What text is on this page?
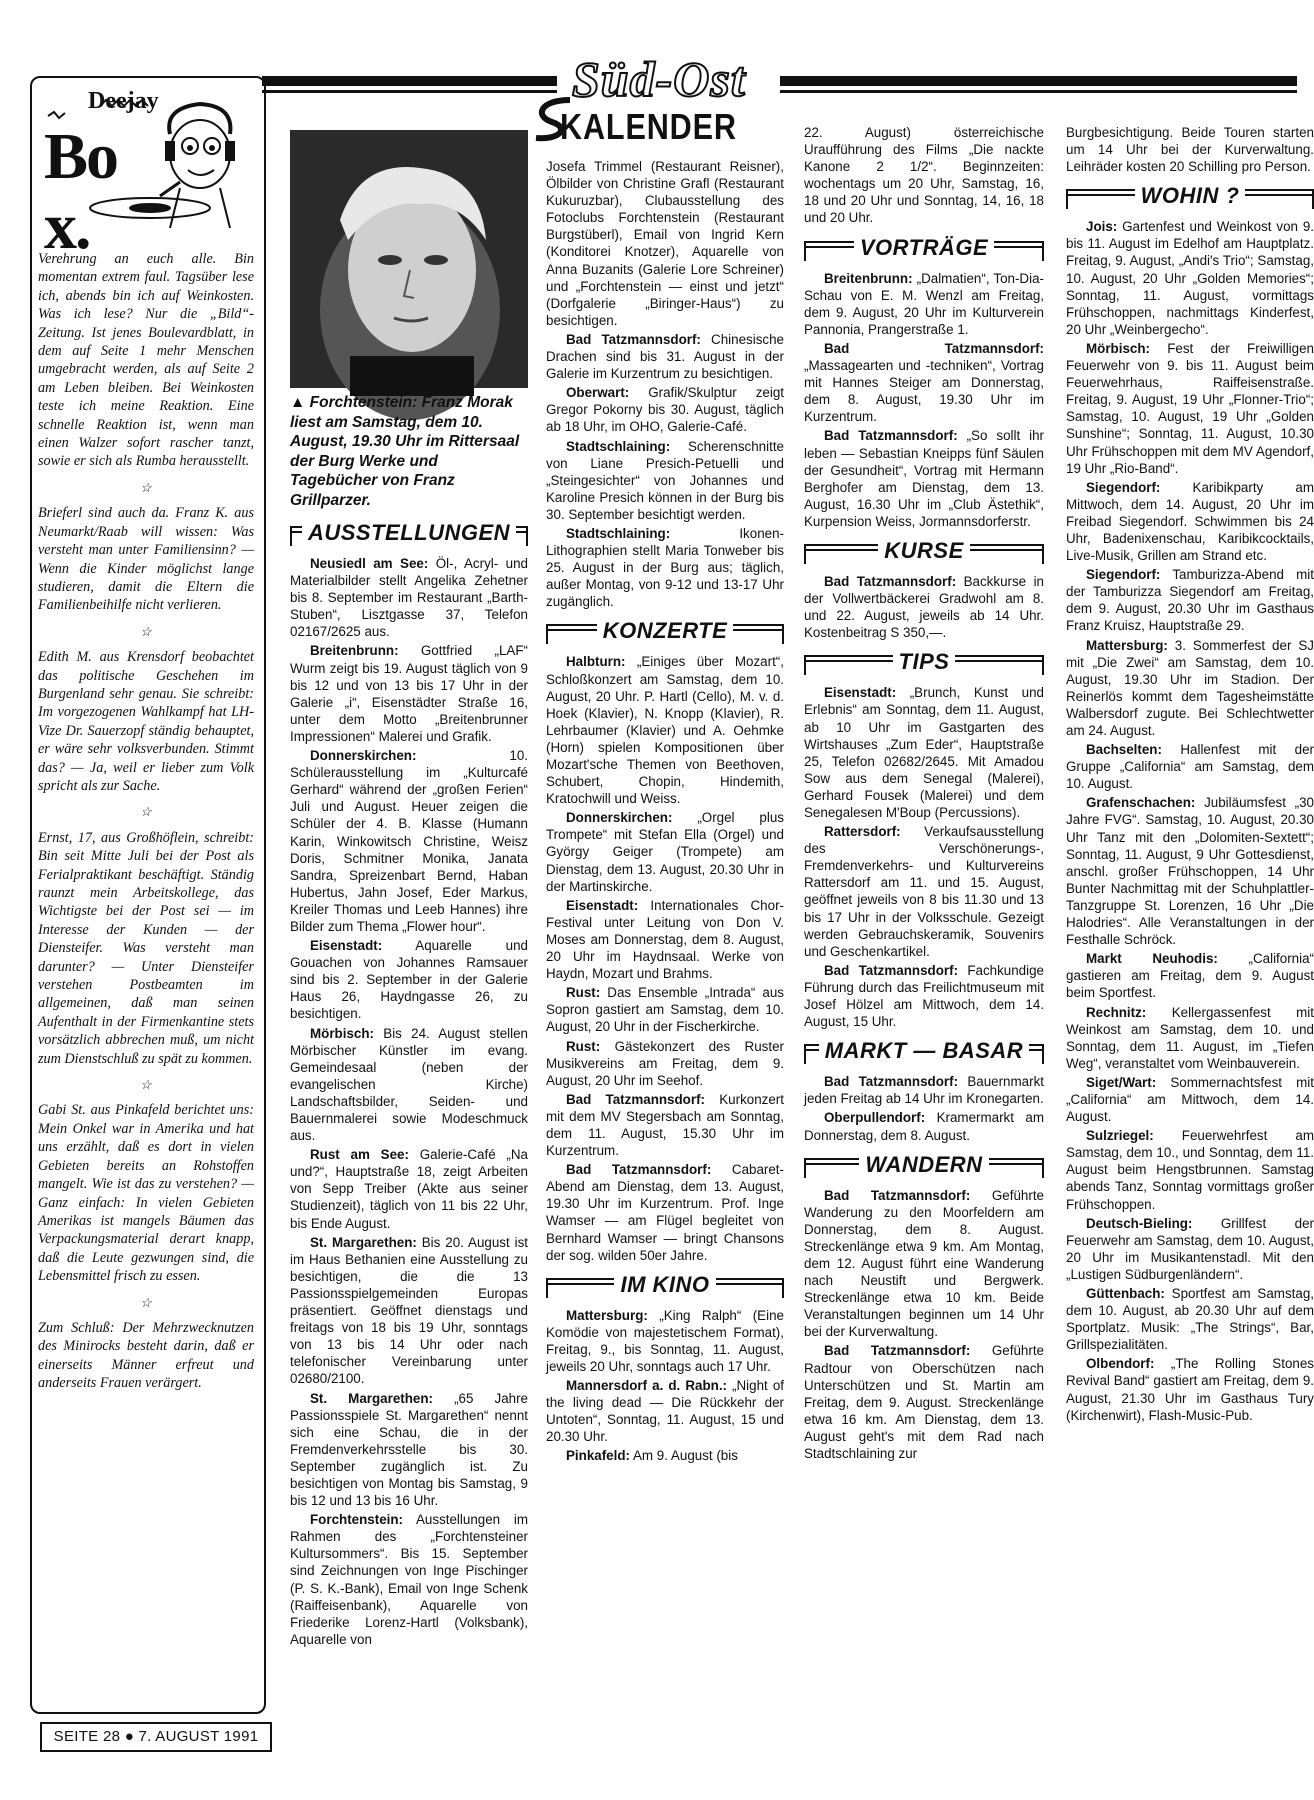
Süd-Ost
KALENDER
Deejay
Box.

Verehrung an euch alle. Bin momentan extrem faul. Tagsüber lese ich, abends bin ich auf Weinkosten. Was ich lese? Nur die „Bild“-Zeitung. Ist jenes Boulevardblatt, in dem auf Seite 1 mehr Menschen umgebracht werden, als auf Seite 2 am Leben bleiben. Bei Weinkosten teste ich meine Reaktion. Eine schnelle Reaktion ist, wenn man einen Walzer sofort rascher tanzt, sowie er sich als Rumba herausstellt.

☆

Brieferl sind auch da. Franz K. aus Neumarkt/Raab will wissen: Was versteht man unter Familiensinn? — Wenn die Kinder möglichst lange studieren, damit die Eltern die Familienbeihilfe nicht verlieren.

☆

Edith M. aus Krensdorf beobachtet das politische Geschehen im Burgenland sehr genau. Sie schreibt: Im vorgezogenen Wahlkampf hat LH-Vize Dr. Sauerzopf ständig behauptet, er wäre sehr volksverbunden. Stimmt das? — Ja, weil er lieber zum Volk spricht als zur Sache.

☆

Ernst, 17, aus Großhöflein, schreibt: Bin seit Mitte Juli bei der Post als Ferialpraktikant beschäftigt. Ständig raunzt mein Arbeitskollege, das Wichtigste bei der Post sei — im Interesse der Kunden — der Diensteifer. Was versteht man darunter? — Unter Diensteifer verstehen Postbeamten im allgemeinen, daß man seinen Aufenthalt in der Firmenkantine stets vorsätzlich abbrechen muß, um nicht zum Dienstschluß zu spät zu kommen.

☆

Gabi St. aus Pinkafeld berichtet uns: Mein Onkel war in Amerika und hat uns erzählt, daß es dort in vielen Gebieten bereits an Rohstoffen mangelt. Wie ist das zu verstehen? — Ganz einfach: In vielen Gebieten Amerikas ist mangels Bäumen das Verpackungsmaterial derart knapp, daß die Leute gezwungen sind, die Lebensmittel frisch zu essen.

☆

Zum Schluß: Der Mehrzwecknutzen des Minirocks besteht darin, daß er einerseits Männer erfreut und anderseits Frauen verärgert.

SEITE 28 ● 7. AUGUST 1991
▲ Forchtenstein: Franz Morak liest am Samstag, dem 10. August, 19.30 Uhr im Rittersaal der Burg Werke und Tagebücher von Franz Grillparzer.
AUSSTELLUNGEN

Neusiedl am See: Öl-, Acryl- und Materialbilder stellt Angelika Zehetner bis 8. September im Restaurant „Barth-Stuben“, Lisztgasse 37, Telefon 02167/2625 aus.

Breitenbrunn: Gottfried „LAF“ Wurm zeigt bis 19. August täglich von 9 bis 12 und von 13 bis 17 Uhr in der Galerie „i“, Eisenstädter Straße 16, unter dem Motto „Breitenbrunner Impressionen“ Malerei und Grafik.

Donnerskirchen: 10. Schülerausstellung im „Kulturcafé Gerhard“ während der „großen Ferien“ Juli und August. Heuer zeigen die Schüler der 4. B. Klasse (Humann Karin, Winkowitsch Christine, Weisz Doris, Schmitner Monika, Janata Sandra, Spreizenbart Bernd, Haban Hubertus, Jahn Josef, Eder Markus, Kreiler Thomas und Leeb Hannes) ihre Bilder zum Thema „Flower hour“.

Eisenstadt: Aquarelle und Gouachen von Johannes Ramsauer sind bis 2. September in der Galerie Haus 26, Haydngasse 26, zu besichtigen.

Mörbisch: Bis 24. August stellen Mörbischer Künstler im evang. Gemeindesaal (neben der evangelischen Kirche) Landschaftsbilder, Seiden- und Bauernmalerei sowie Modeschmuck aus.

Rust am See: Galerie-Café „Na und?“, Hauptstraße 18, zeigt Arbeiten von Sepp Treiber (Akte aus seiner Studienzeit), täglich von 11 bis 22 Uhr, bis Ende August.

St. Margarethen: Bis 20. August ist im Haus Bethanien eine Ausstellung zu besichtigen, die die 13 Passionsspielgemeinden Europas präsentiert. Geöffnet dienstags und freitags von 18 bis 19 Uhr, sonntags von 13 bis 14 Uhr oder nach telefonischer Vereinbarung unter 02680/2100.

St. Margarethen: „65 Jahre Passionsspiele St. Margarethen“ nennt sich eine Schau, die in der Fremdenverkehrsstelle bis 30. September zugänglich ist. Zu besichtigen von Montag bis Samstag, 9 bis 12 und 13 bis 16 Uhr.

Forchtenstein: Ausstellungen im Rahmen des „Forchtensteiner Kultursommers“. Bis 15. September sind Zeichnungen von Inge Pischinger (P. S. K.-Bank), Email von Inge Schenk (Raiffeisenbank), Aquarelle von Friederike Lorenz-Hartl (Volksbank), Aquarelle von

Josefa Trimmel (Restaurant Reisner), Ölbilder von Christine Grafl (Restaurant Kukuruzbar), Clubausstellung des Fotoclubs Forchtenstein (Restaurant Burgstüberl), Email von Ingrid Kern (Konditorei Knotzer), Aquarelle von Anna Buzanits (Galerie Lore Schreiner) und „Forchtenstein — einst und jetzt“ (Dorfgalerie „Biringer-Haus“) zu besichtigen.

Bad Tatzmannsdorf: Chinesische Drachen sind bis 31. August in der Galerie im Kurzentrum zu besichtigen.

Oberwart: Grafik/Skulptur zeigt Gregor Pokorny bis 30. August, täglich ab 18 Uhr, im OHO, Galerie-Café.

Stadtschlaining: Scherenschnitte von Liane Presich-Petuelli und „Steingesichter“ von Johannes und Karoline Presich können in der Burg bis 30. September besichtigt werden.

Stadtschlaining: Ikonen-Lithographien stellt Maria Tonweber bis 25. August in der Burg aus; täglich, außer Montag, von 9-12 und 13-17 Uhr zugänglich.

KONZERTE

Halbturn: „Einiges über Mozart“, Schloßkonzert am Samstag, dem 10. August, 20 Uhr. P. Hartl (Cello), M. v. d. Hoek (Klavier), N. Knopp (Klavier), R. Lehrbaumer (Klavier) und A. Oehmke (Horn) spielen Kompositionen über Mozart'sche Themen von Beethoven, Schubert, Chopin, Hindemith, Kratochwill und Weiss.

Donnerskirchen: „Orgel plus Trompete“ mit Stefan Ella (Orgel) und György Geiger (Trompete) am Dienstag, dem 13. August, 20.30 Uhr in der Martinskirche.

Eisenstadt: Internationales Chor-Festival unter Leitung von Don V. Moses am Donnerstag, dem 8. August, 20 Uhr im Haydnsaal. Werke von Haydn, Mozart und Brahms.

Rust: Das Ensemble „Intrada“ aus Sopron gastiert am Samstag, dem 10. August, 20 Uhr in der Fischerkirche.

Rust: Gästekonzert des Ruster Musikvereins am Freitag, dem 9. August, 20 Uhr im Seehof.

Bad Tatzmannsdorf: Kurkonzert mit dem MV Stegersbach am Sonntag, dem 11. August, 15.30 Uhr im Kurzentrum.

Bad Tatzmannsdorf: Cabaret-Abend am Dienstag, dem 13. August, 19.30 Uhr im Kurzentrum. Prof. Inge Wamser — am Flügel begleitet von Bernhard Wamser — bringt Chansons der sog. wilden 50er Jahre.

IM KINO

Mattersburg: „King Ralph“ (Eine Komödie von majestetischem Format), Freitag, 9., bis Sonntag, 11. August, jeweils 20 Uhr, sonntags auch 17 Uhr.

Mannersdorf a. d. Rabn.: „Night of the living dead — Die Rückkehr der Untoten“, Sonntag, 11. August, 15 und 20.30 Uhr.

Pinkafeld: Am 9. August (bis

22. August) österreichische Uraufführung des Films „Die nackte Kanone 2 1/2“. Beginnzeiten: wochentags um 20 Uhr, Samstag, 16, 18 und 20 Uhr und Sonntag, 14, 16, 18 und 20 Uhr.

VORTRÄGE

Breitenbrunn: „Dalmatien“, Ton-Dia-Schau von E. M. Wenzl am Freitag, dem 9. August, 20 Uhr im Kulturverein Pannonia, Prangerstraße 1.

Bad Tatzmannsdorf: „Massagearten und -techniken“, Vortrag mit Hannes Steiger am Donnerstag, dem 8. August, 19.30 Uhr im Kurzentrum.

Bad Tatzmannsdorf: „So sollt ihr leben — Sebastian Kneipps fünf Säulen der Gesundheit“, Vortrag mit Hermann Berghofer am Dienstag, dem 13. August, 16.30 Uhr im „Club Ästethik“, Kurpension Weiss, Jormannsdorferstr.

KURSE

Bad Tatzmannsdorf: Backkurse in der Vollwertbäckerei Gradwohl am 8. und 22. August, jeweils ab 14 Uhr. Kostenbeitrag S 350,—.

TIPS

Eisenstadt: „Brunch, Kunst und Erlebnis“ am Sonntag, dem 11. August, ab 10 Uhr im Gastgarten des Wirtshauses „Zum Eder“, Hauptstraße 25, Telefon 02682/2645. Mit Amadou Sow aus dem Senegal (Malerei), Gerhard Fousek (Malerei) und dem Senegalesen M'Boup (Percussions).

Rattersdorf: Verkaufsausstellung des Verschönerungs-, Fremdenverkehrs- und Kulturvereins Rattersdorf am 11. und 15. August, geöffnet jeweils von 8 bis 11.30 und 13 bis 17 Uhr in der Volksschule. Gezeigt werden Gebrauchskeramik, Souvenirs und Geschenkartikel.

Bad Tatzmannsdorf: Fachkundige Führung durch das Freilichtmuseum mit Josef Hölzel am Mittwoch, dem 14. August, 15 Uhr.

MARKT — BASAR

Bad Tatzmannsdorf: Bauernmarkt jeden Freitag ab 14 Uhr im Kronegarten.

Oberpullendorf: Kramermarkt am Donnerstag, dem 8. August.

WANDERN

Bad Tatzmannsdorf: Geführte Wanderung zu den Moorfeldern am Donnerstag, dem 8. August. Streckenlänge etwa 9 km. Am Montag, dem 12. August führt eine Wanderung nach Neustift und Bergwerk. Streckenlänge etwa 10 km. Beide Veranstaltungen beginnen um 14 Uhr bei der Kurverwaltung.

Bad Tatzmannsdorf: Geführte Radtour von Oberschützen nach Unterschützen und St. Martin am Freitag, dem 9. August. Streckenlänge etwa 16 km. Am Dienstag, dem 13. August geht's mit dem Rad nach Stadtschlaining zur

Burgbesichtigung. Beide Touren starten um 14 Uhr bei der Kurverwaltung. Leihräder kosten 20 Schilling pro Person.

WOHIN ?

Jois: Gartenfest und Weinkost von 9. bis 11. August im Edelhof am Hauptplatz. Freitag, 9. August, „Andi's Trio“; Samstag, 10. August, 20 Uhr „Golden Memories“; Sonntag, 11. August, vormittags Frühschoppen, nachmittags Kinderfest, 20 Uhr „Weinbergecho“.

Mörbisch: Fest der Freiwilligen Feuerwehr von 9. bis 11. August beim Feuerwehrhaus, Raiffeisenstraße. Freitag, 9. August, 19 Uhr „Flonner-Trio“; Samstag, 10. August, 19 Uhr „Golden Sunshine“; Sonntag, 11. August, 10.30 Uhr Frühschoppen mit dem MV Agendorf, 19 Uhr „Rio-Band“.

Siegendorf: Karibikparty am Mittwoch, dem 14. August, 20 Uhr im Freibad Siegendorf. Schwimmen bis 24 Uhr, Badenixenschau, Karibikcocktails, Live-Musik, Grillen am Strand etc.

Siegendorf: Tamburizza-Abend mit der Tamburizza Siegendorf am Freitag, dem 9. August, 20.30 Uhr im Gasthaus Franz Kruisz, Hauptstraße 29.

Mattersburg: 3. Sommerfest der SJ mit „Die Zwei“ am Samstag, dem 10. August, 19.30 Uhr im Stadion. Der Reinerlös kommt dem Tagesheimstätte Walbersdorf zugute. Bei Schlechtwetter am 24. August.

Bachselten: Hallenfest mit der Gruppe „California“ am Samstag, dem 10. August.

Grafenschachen: Jubiläumsfest „30 Jahre FVG“. Samstag, 10. August, 20.30 Uhr Tanz mit den „Dolomiten-Sextett“; Sonntag, 11. August, 9 Uhr Gottesdienst, anschl. großer Frühschoppen, 14 Uhr Bunter Nachmittag mit der Schuhplattler-Tanzgruppe St. Lorenzen, 16 Uhr „Die Halodries“. Alle Veranstaltungen in der Festhalle Schröck.

Markt Neuhodis: „California“ gastieren am Freitag, dem 9. August beim Sportfest.

Rechnitz: Kellergassenfest mit Weinkost am Samstag, dem 10. und Sonntag, dem 11. August, im „Tiefen Weg“, veranstaltet vom Weinbauverein.

Siget/Wart: Sommernachtsfest mit „California“ am Mittwoch, dem 14. August.

Sulzriegel: Feuerwehrfest am Samstag, dem 10., und Sonntag, dem 11. August beim Hengstbrunnen. Samstag abends Tanz, Sonntag vormittags großer Frühschoppen.

Deutsch-Bieling: Grillfest der Feuerwehr am Samstag, dem 10. August, 20 Uhr im Musikantenstadl. Mit den „Lustigen Südburgenländern“.

Güttenbach: Sportfest am Samstag, dem 10. August, ab 20.30 Uhr auf dem Sportplatz. Musik: „The Strings“, Bar, Grillspezialitäten.

Olbendorf: „The Rolling Stones Revival Band“ gastiert am Freitag, dem 9. August, 21.30 Uhr im Gasthaus Tury (Kirchenwirt), Flash-Music-Pub.
